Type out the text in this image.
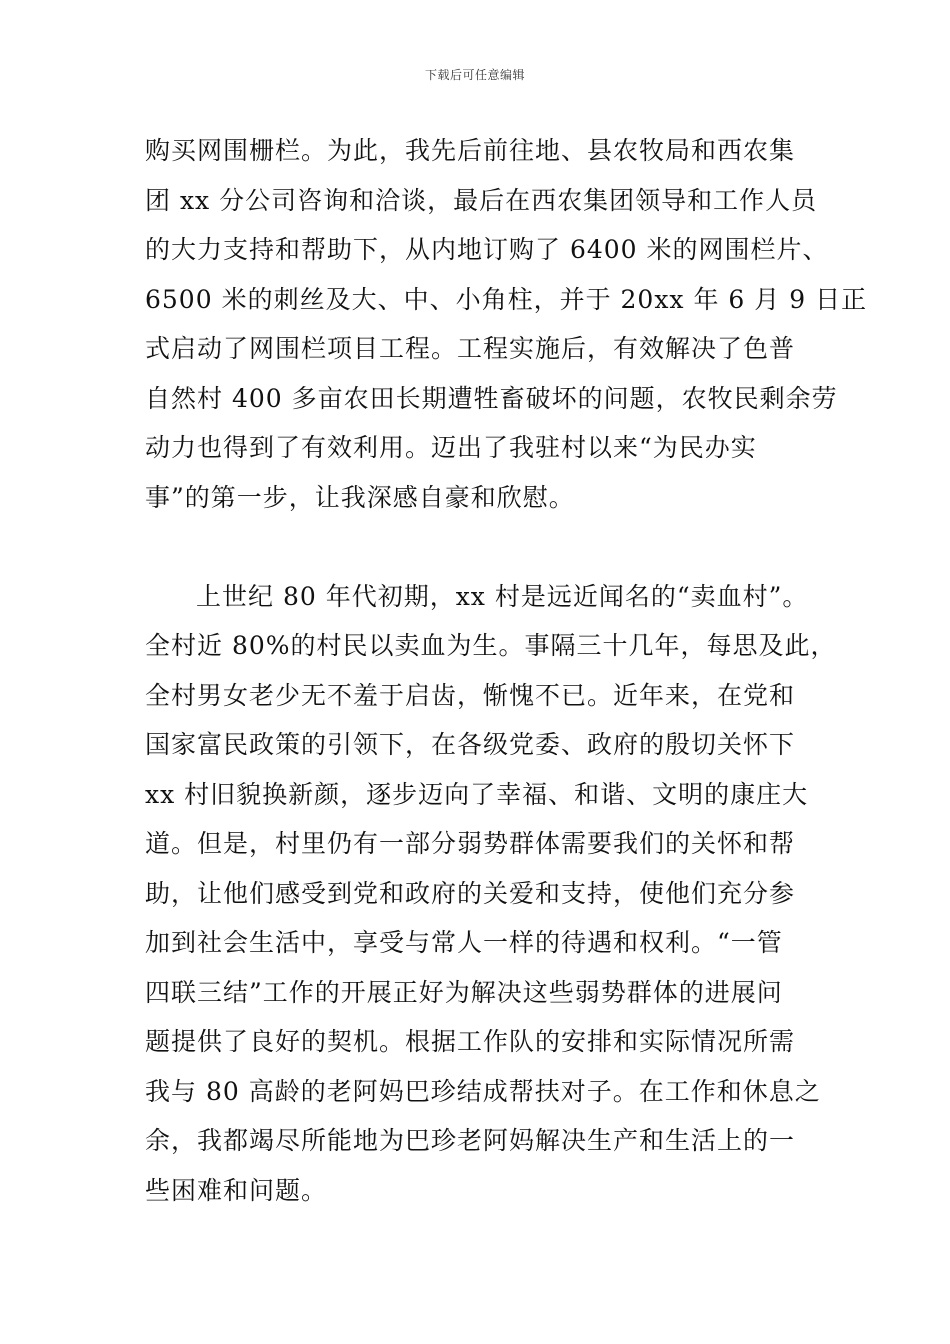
下载后可任意编辑
购买网围栅栏。为此，我先后前往地、县农牧局和西农集
团 xx 分公司咨询和洽谈，最后在西农集团领导和工作人员
的大力支持和帮助下，从内地订购了 6400 米的网围栏片、
6500 米的刺丝及大、中、小角柱，并于 20xx 年 6 月 9 日正
式启动了网围栏项目工程。工程实施后，有效解决了色普
自然村 400 多亩农田长期遭牲畜破坏的问题，农牧民剩余劳
动力也得到了有效利用。迈出了我驻村以来“为民办实
事”的第一步，让我深感自豪和欣慰。
上世纪 80 年代初期，xx 村是远近闻名的“卖血村”。
全村近 80%的村民以卖血为生。事隔三十几年，每思及此，
全村男女老少无不羞于启齿，惭愧不已。近年来，在党和
国家富民政策的引领下，在各级党委、政府的殷切关怀下
xx 村旧貌换新颜，逐步迈向了幸福、和谐、文明的康庄大
道。但是，村里仍有一部分弱势群体需要我们的关怀和帮
助，让他们感受到党和政府的关爱和支持，使他们充分参
加到社会生活中，享受与常人一样的待遇和权利。“一管
四联三结”工作的开展正好为解决这些弱势群体的进展问
题提供了良好的契机。根据工作队的安排和实际情况所需
我与 80 高龄的老阿妈巴珍结成帮扶对子。在工作和休息之
余，我都竭尽所能地为巴珍老阿妈解决生产和生活上的一
些困难和问题。
